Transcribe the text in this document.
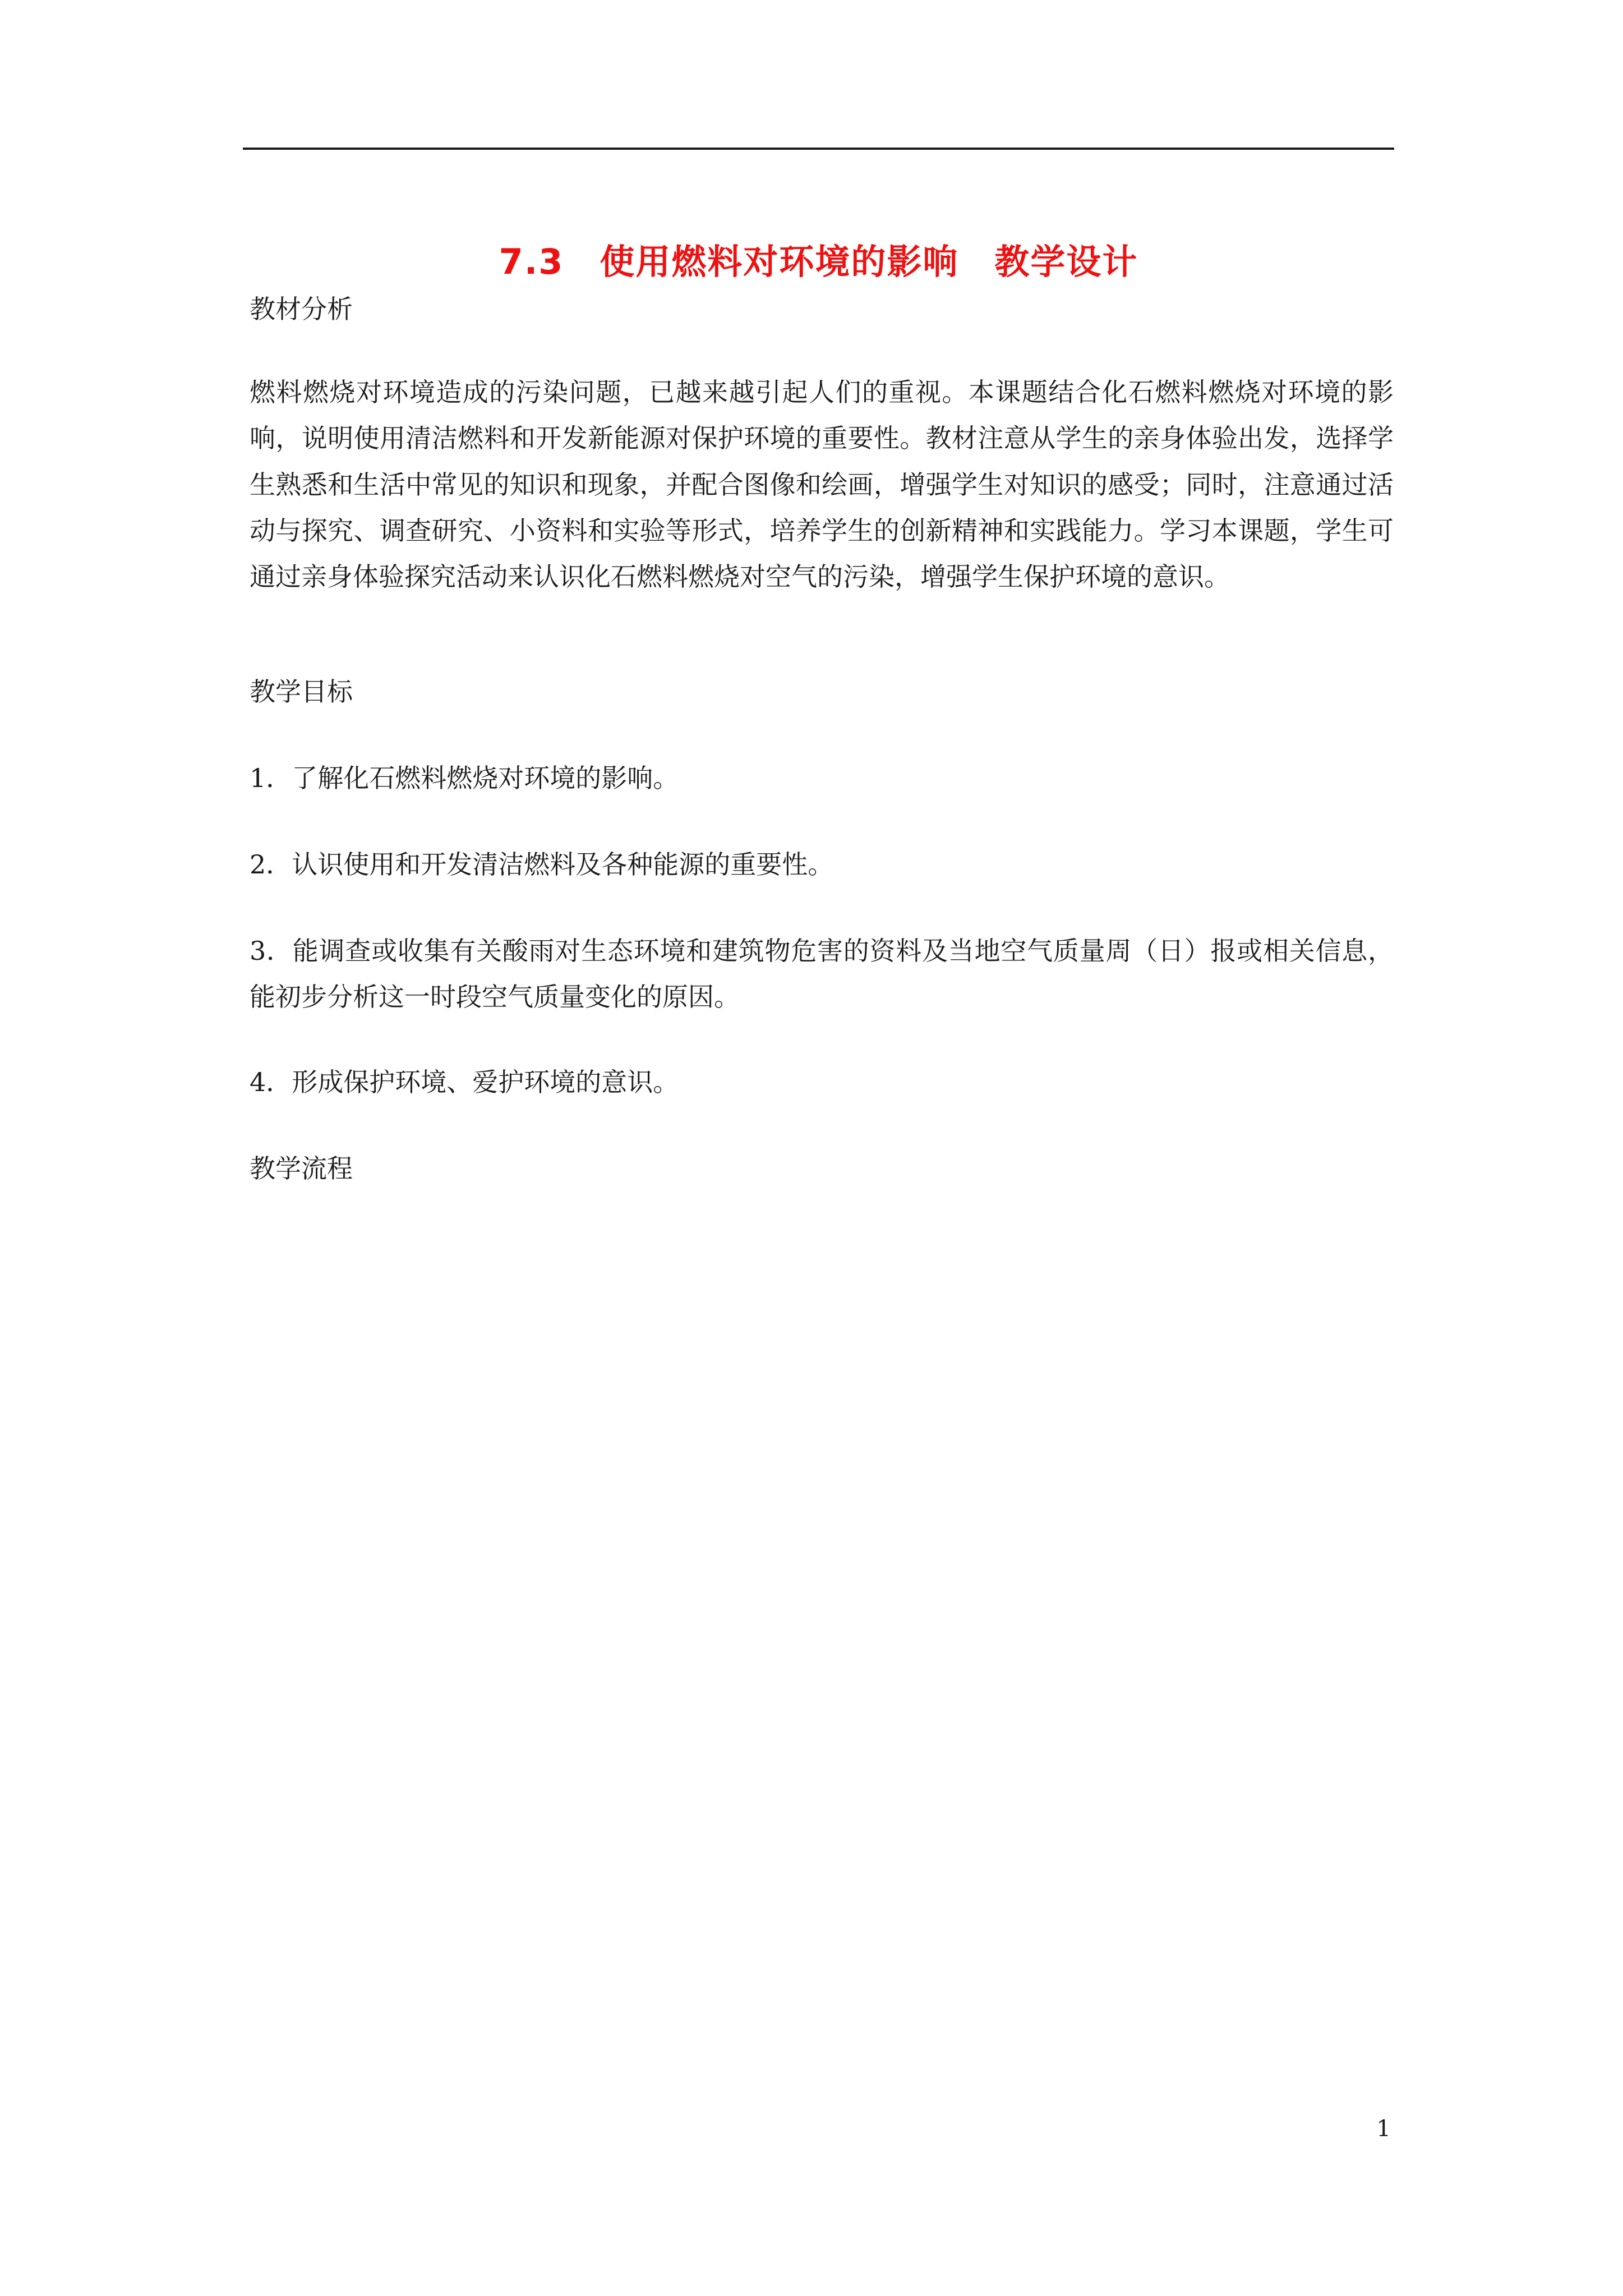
7.3　使用燃料对环境的影响　教学设计

教材分析

燃料燃烧对环境造成的污染问题，已越来越引起人们的重视。本课题结合化石燃料燃烧对环境的影响，说明使用清洁燃料和开发新能源对保护环境的重要性。教材注意从学生的亲身体验出发，选择学生熟悉和生活中常见的知识和现象，并配合图像和绘画，增强学生对知识的感受；同时，注意通过活动与探究、调查研究、小资料和实验等形式，培养学生的创新精神和实践能力。学习本课题，学生可通过亲身体验探究活动来认识化石燃料燃烧对空气的污染，增强学生保护环境的意识。

教学目标

1．了解化石燃料燃烧对环境的影响。

2．认识使用和开发清洁燃料及各种能源的重要性。

3．能调查或收集有关酸雨对生态环境和建筑物危害的资料及当地空气质量周（日）报或相关信息，能初步分析这一时段空气质量变化的原因。

4．形成保护环境、爱护环境的意识。

教学流程

1
